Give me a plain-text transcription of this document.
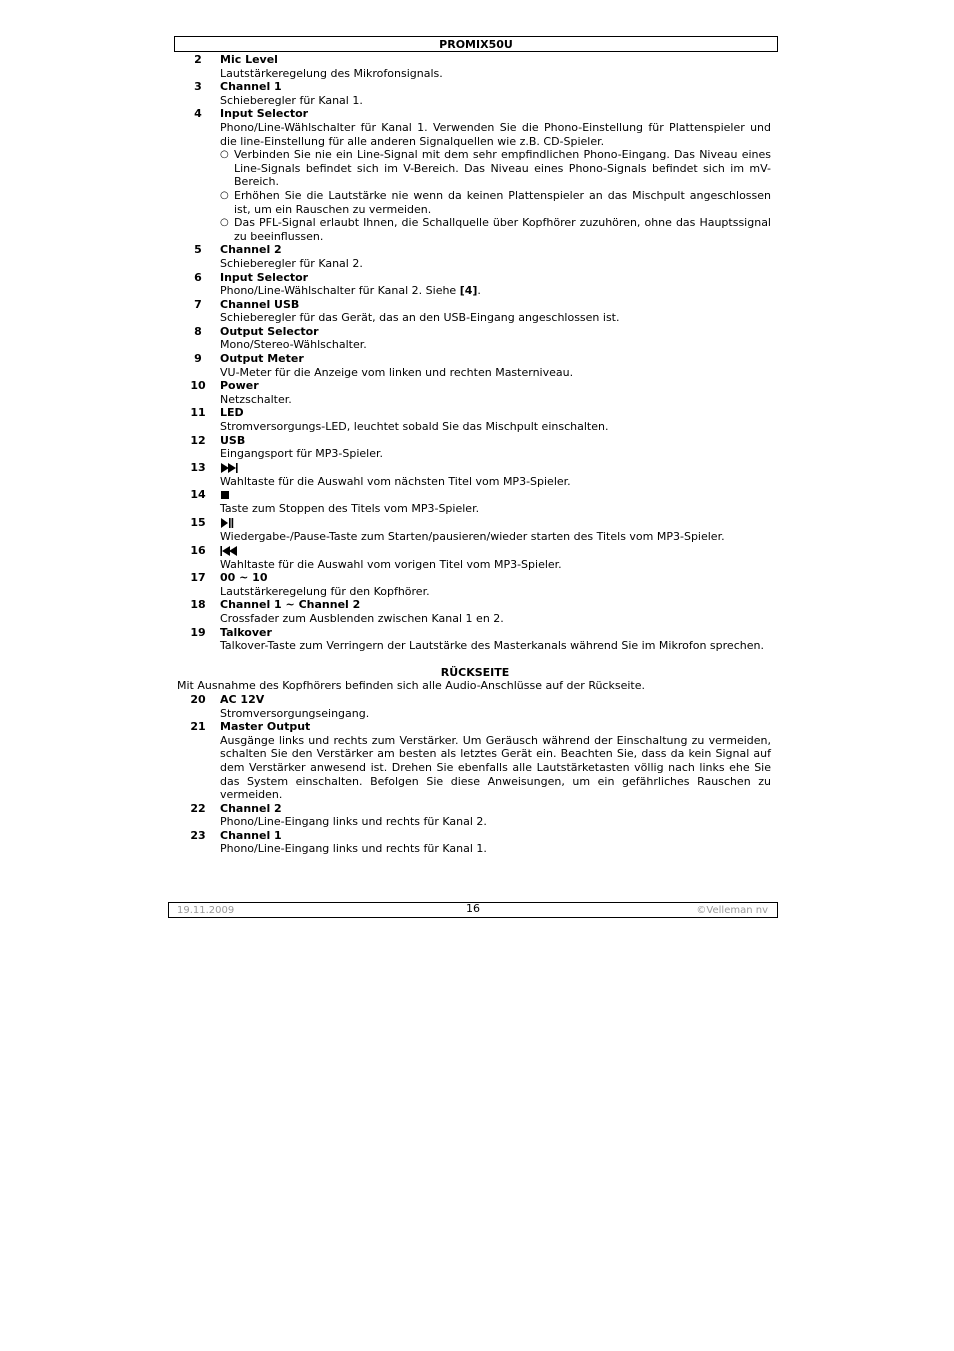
PROMIX50U
2	Mic Level
Lautstärkeregelung des Mikrofonsignals.
3	Channel 1
Schieberegler für Kanal 1.
4	Input Selector
Phono/Line-Wählschalter für Kanal 1. Verwenden Sie die Phono-Einstellung für Plattenspieler und die line-Einstellung für alle anderen Signalquellen wie z.B. CD-Spieler.
○ Verbinden Sie nie ein Line-Signal mit dem sehr empfindlichen Phono-Eingang. Das Niveau eines Line-Signals befindet sich im V-Bereich. Das Niveau eines Phono-Signals befindet sich im mV-Bereich.
○ Erhöhen Sie die Lautstärke nie wenn da keinen Plattenspieler an das Mischpult angeschlossen ist, um ein Rauschen zu vermeiden.
○ Das PFL-Signal erlaubt Ihnen, die Schallquelle über Kopfhörer zuzuhören, ohne das Hauptssignal zu beeinflussen.
5	Channel 2
Schieberegler für Kanal 2.
6	Input Selector
Phono/Line-Wählschalter für Kanal 2. Siehe [4].
7	Channel USB
Schieberegler für das Gerät, das an den USB-Eingang angeschlossen ist.
8	Output Selector
Mono/Stereo-Wählschalter.
9	Output Meter
VU-Meter für die Anzeige vom linken und rechten Masterniveau.
10	Power
Netzschalter.
11	LED
Stromversorgungs-LED, leuchtet sobald Sie das Mischpult einschalten.
12	USB
Eingangsport für MP3-Spieler.
13
Wahltaste für die Auswahl vom nächsten Titel vom MP3-Spieler.
14
Taste zum Stoppen des Titels vom MP3-Spieler.
15
Wiedergabe-/Pause-Taste zum Starten/pausieren/wieder starten des Titels vom MP3-Spieler.
16
Wahltaste für die Auswahl vom vorigen Titel vom MP3-Spieler.
17	00 ~ 10
Lautstärkeregelung für den Kopfhörer.
18	Channel 1 ~ Channel 2
Crossfader zum Ausblenden zwischen Kanal 1 en 2.
19	Talkover
Talkover-Taste zum Verringern der Lautstärke des Masterkanals während Sie im Mikrofon sprechen.
RÜCKSEITE
Mit Ausnahme des Kopfhörers befinden sich alle Audio-Anschlüsse auf der Rückseite.
20	AC 12V
Stromversorgungseingang.
21	Master Output
Ausgänge links und rechts zum Verstärker. Um Geräusch während der Einschaltung zu vermeiden, schalten Sie den Verstärker am besten als letztes Gerät ein. Beachten Sie, dass da kein Signal auf dem Verstärker anwesend ist. Drehen Sie ebenfalls alle Lautstärketasten völlig nach links ehe Sie das System einschalten. Befolgen Sie diese Anweisungen, um ein gefährliches Rauschen zu vermeiden.
22	Channel 2
Phono/Line-Eingang links und rechts für Kanal 2.
23	Channel 1
Phono/Line-Eingang links und rechts für Kanal 1.
19.11.2009	16	©Velleman nv
